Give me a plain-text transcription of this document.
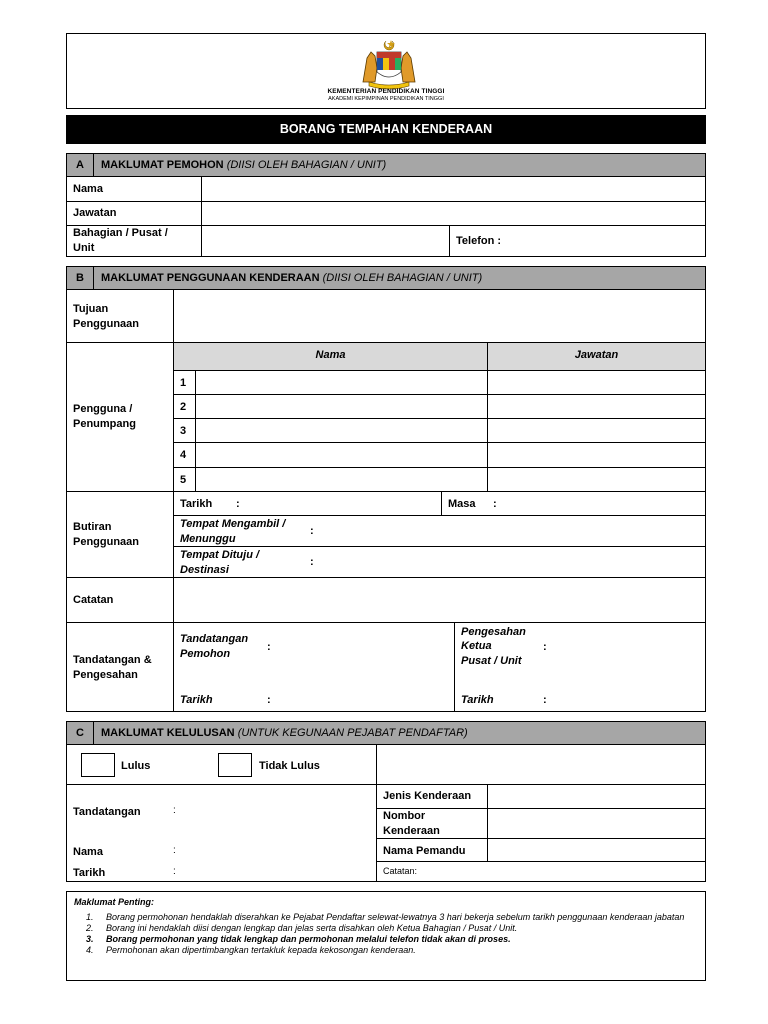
KEMENTERIAN PENDIDIKAN TINGGI
AKADEMI KEPIMPINAN PENDIDIKAN TINGGI
BORANG TEMPAHAN KENDERAAN
A	MAKLUMAT PEMOHON (DIISI OLEH BAHAGIAN / UNIT)
Nama
Jawatan
Bahagian / Pusat /
Unit
Telefon :
B	MAKLUMAT PENGGUNAAN KENDERAAN (DIISI OLEH BAHAGIAN / UNIT)
Tujuan
Penggunaan
Nama	Jawatan
1
2
3
4
5
Pengguna /
Penumpang
Butiran
Penggunaan
Tarikh :	Masa :
Tempat Mengambil /
Menunggu
:
Tempat Dituju /
Destinasi
:
Catatan
Tandatangan &
Pengesahan
Tandatangan
Pemohon
:
Tarikh	:
Pengesahan
Ketua
Pusat / Unit
:
Tarikh	:
C	MAKLUMAT KELULUSAN (UNTUK KEGUNAAN PEJABAT PENDAFTAR)
Lulus	Tidak Lulus
Tandatangan	:
Nama	:
Tarikh	:
Jenis Kenderaan
Nombor
Kenderaan
Nama Pemandu
Catatan:
Maklumat Penting:
1. Borang permohonan hendaklah diserahkan ke Pejabat Pendaftar selewat-lewatnya 3 hari bekerja sebelum tarikh penggunaan kenderaan jabatan
2. Borang ini hendaklah diisi dengan lengkap dan jelas serta disahkan oleh Ketua Bahagian / Pusat / Unit.
3. Borang permohonan yang tidak lengkap dan permohonan melalui telefon tidak akan di proses.
4. Permohonan akan dipertimbangkan tertakluk kepada kekosongan kenderaan.
